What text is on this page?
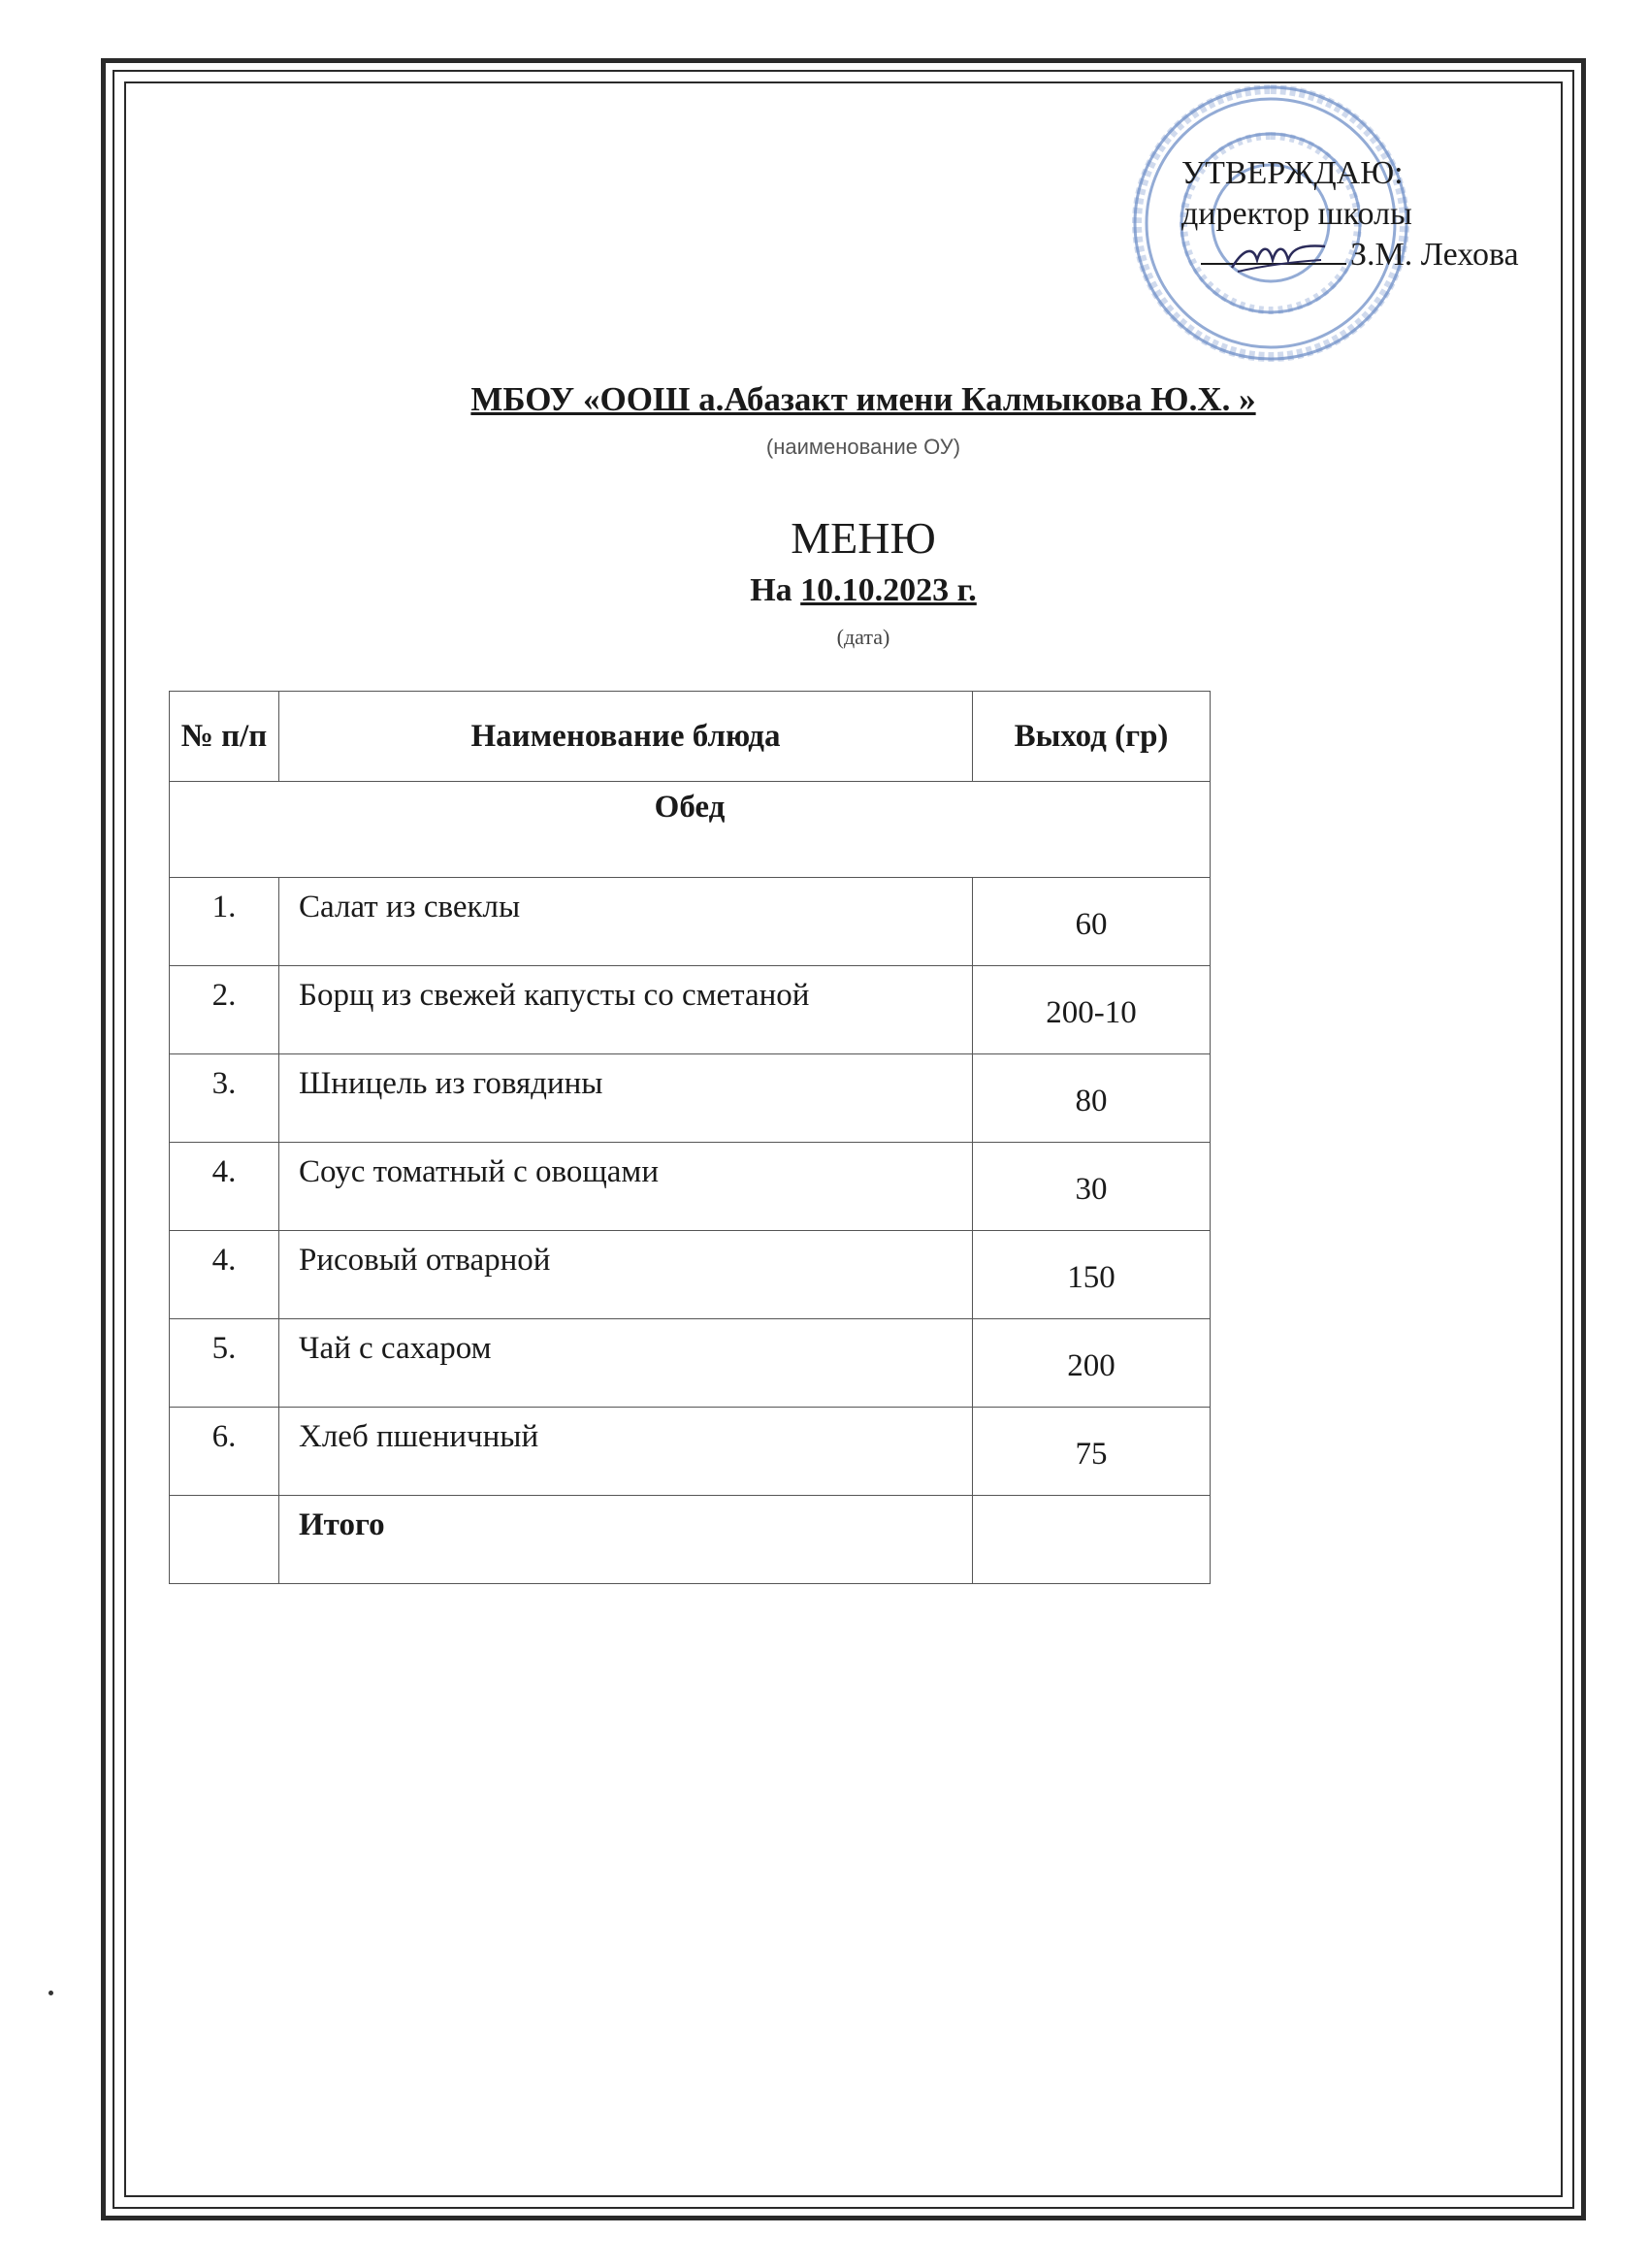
УТВЕРЖДАЮ:
директор школы
З.М. Лехова
МБОУ «ООШ а.Абазакт имени Калмыкова Ю.Х. »
(наименование ОУ)
МЕНЮ
На 10.10.2023 г.
(дата)
№ п/п	Наименование блюда	Выход (гр)
Обед		
1.	Салат из свеклы	60
2.	Борщ из свежей капусты со сметаной	200-10
3.	Шницель из говядины	80
4.	Соус томатный с овощами	30
4.	Рисовый отварной	150
5.	Чай с сахаром	200
6.	Хлеб пшеничный	75
	Итого	
